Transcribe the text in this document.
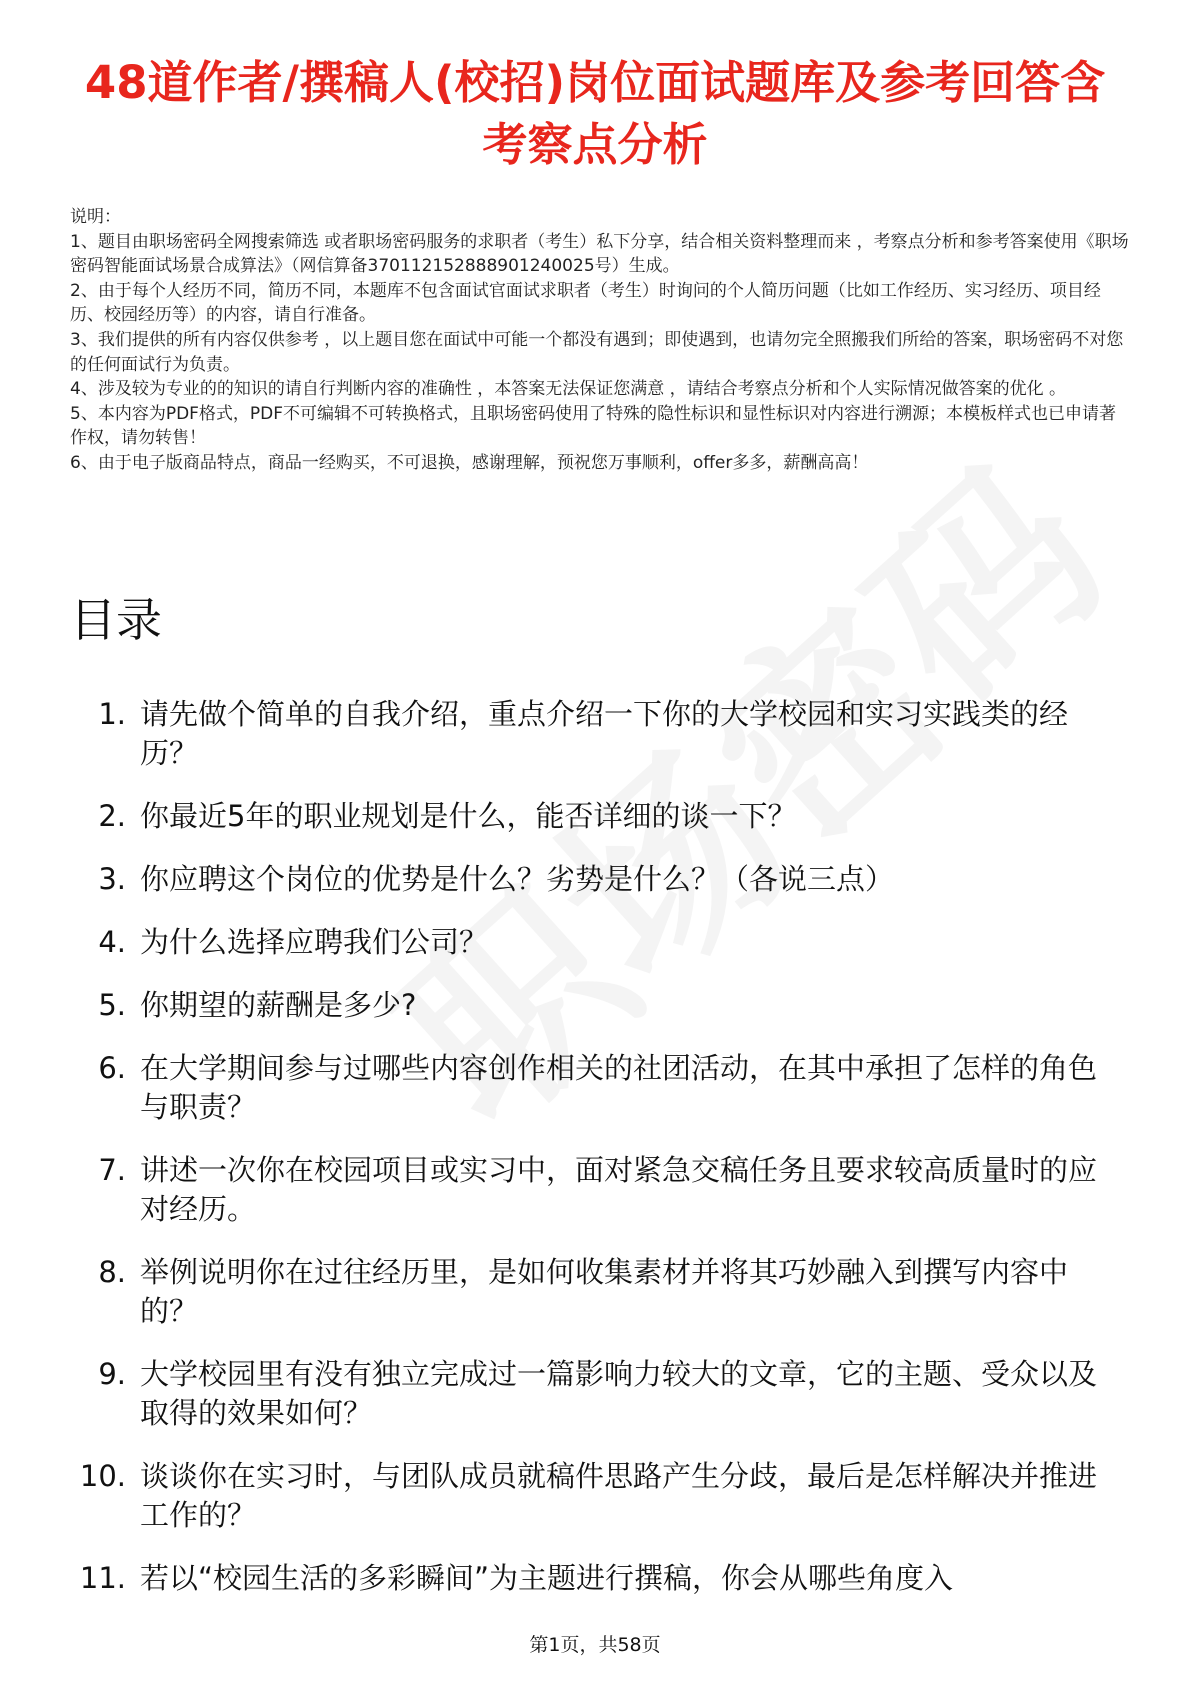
48道作者/撰稿人(校招)岗位面试题库及参考回答含考察点分析

说明：

1、题目由职场密码全网搜索筛选 或者职场密码服务的求职者（考生）私下分享，结合相关资料整理而来 ，考察点分析和参考答案使用《职场密码智能面试场景合成算法》（网信算备370112152888901240025号）生成。

2、由于每个人经历不同，简历不同，本题库不包含面试官面试求职者（考生）时询问的个人简历问题（比如工作经历、实习经历、项目经历、校园经历等）的内容，请自行准备。

3、我们提供的所有内容仅供参考 ，以上题目您在面试中可能一个都没有遇到；即使遇到，也请勿完全照搬我们所给的答案，职场密码不对您的任何面试行为负责。

4、涉及较为专业的的知识的请自行判断内容的准确性 ，本答案无法保证您满意 ，请结合考察点分析和个人实际情况做答案的优化 。

5、本内容为PDF格式，PDF不可编辑不可转换格式，且职场密码使用了特殊的隐性标识和显性标识对内容进行溯源；本模板样式也已申请著作权，请勿转售！

6、由于电子版商品特点，商品一经购买，不可退换，感谢理解，预祝您万事顺利，offer多多，薪酬高高！

目录
1. 请先做个简单的自我介绍，重点介绍一下你的大学校园和实习实践类的经历？
2. 你最近5年的职业规划是什么，能否详细的谈一下？
3. 你应聘这个岗位的优势是什么？劣势是什么？（各说三点）
4. 为什么选择应聘我们公司？
5. 你期望的薪酬是多少?
6. 在大学期间参与过哪些内容创作相关的社团活动，在其中承担了怎样的角色与职责？
7. 讲述一次你在校园项目或实习中，面对紧急交稿任务且要求较高质量时的应对经历。
8. 举例说明你在过往经历里，是如何收集素材并将其巧妙融入到撰写内容中的？
9. 大学校园里有没有独立完成过一篇影响力较大的文章，它的主题、受众以及取得的效果如何？
10. 谈谈你在实习时，与团队成员就稿件思路产生分歧，最后是怎样解决并推进工作的？
11. 若以“校园生活的多彩瞬间”为主题进行撰稿，你会从哪些角度入
第1页，共58页
